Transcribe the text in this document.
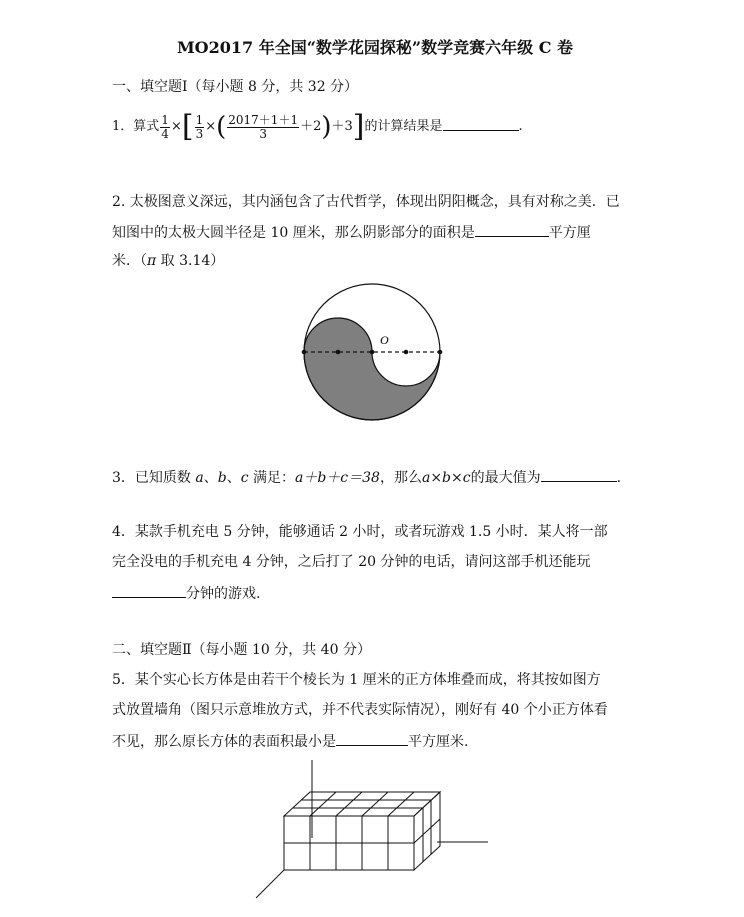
MO2017 年全国“数学花园探秘”数学竞赛六年级 C 卷
一、填空题Ⅰ（每小题 8 分，共 32 分）
1．算式 $\frac{1}{4}$ ×[ $\frac{1}{3}$ ×( $\frac{2017+1+1}{3} +2)+3$]的计算结果是	.
2. 太极图意义深远，其内涵包含了古代哲学，体现出阴阳概念，具有对称之美．已
知图中的太极大圆半径是 10 厘米，那么阴影部分的面积是	平方厘
米．（π 取 3.14）
O
3．已知质数 a、b、c 满足：a＋b＋c＝38，那么a×b×c的最大值为	.
4．某款手机充电 5 分钟，能够通话 2 小时，或者玩游戏 1.5 小时．某人将一部
完全没电的手机充电 4 分钟，之后打了 20 分钟的电话，请问这部手机还能玩
分钟的游戏.
二、填空题Ⅱ（每小题 10 分，共 40 分）
5．某个实心长方体是由若干个棱长为 1 厘米的正方体堆叠而成，将其按如图方
式放置墙角（图只示意堆放方式，并不代表实际情况），刚好有 40 个小正方体看
不见，那么原长方体的表面积最小是	平方厘米.
